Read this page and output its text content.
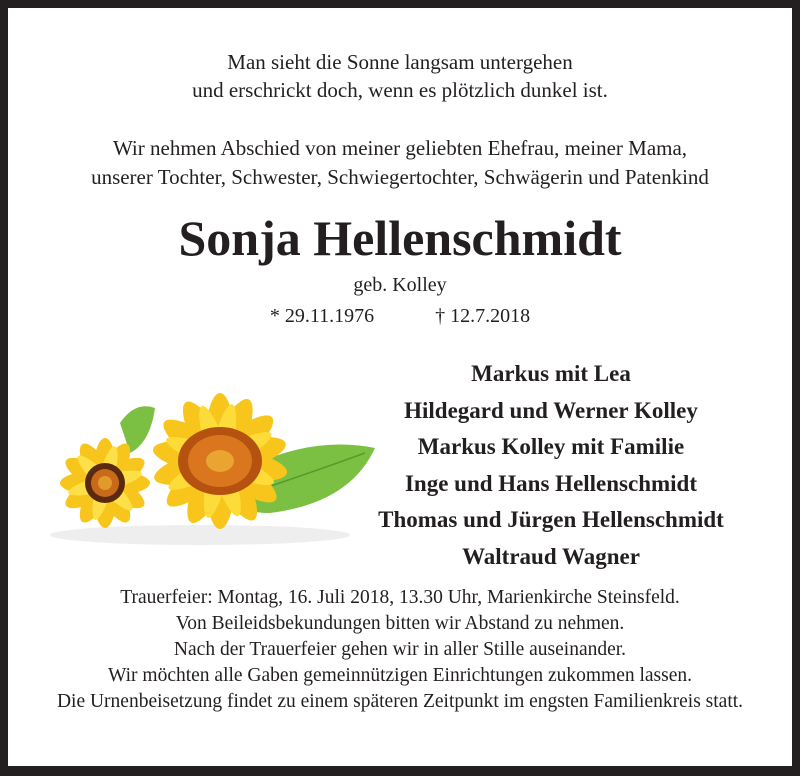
Man sieht die Sonne langsam untergehen
und erschrickt doch, wenn es plötzlich dunkel ist.
Wir nehmen Abschied von meiner geliebten Ehefrau, meiner Mama,
unserer Tochter, Schwester, Schwiegertochter, Schwägerin und Patenkind
Sonja Hellenschmidt
geb. Kolley
* 29.11.1976	† 12.7.2018
Markus mit Lea
Hildegard und Werner Kolley
Markus Kolley mit Familie
Inge und Hans Hellenschmidt
Thomas und Jürgen Hellenschmidt
Waltraud Wagner
Trauerfeier: Montag, 16. Juli 2018, 13.30 Uhr, Marienkirche Steinsfeld.
Von Beileidsbekundungen bitten wir Abstand zu nehmen.
Nach der Trauerfeier gehen wir in aller Stille auseinander.
Wir möchten alle Gaben gemeinnützigen Einrichtungen zukommen lassen.
Die Urnenbeisetzung findet zu einem späteren Zeitpunkt im engsten Familienkreis statt.
